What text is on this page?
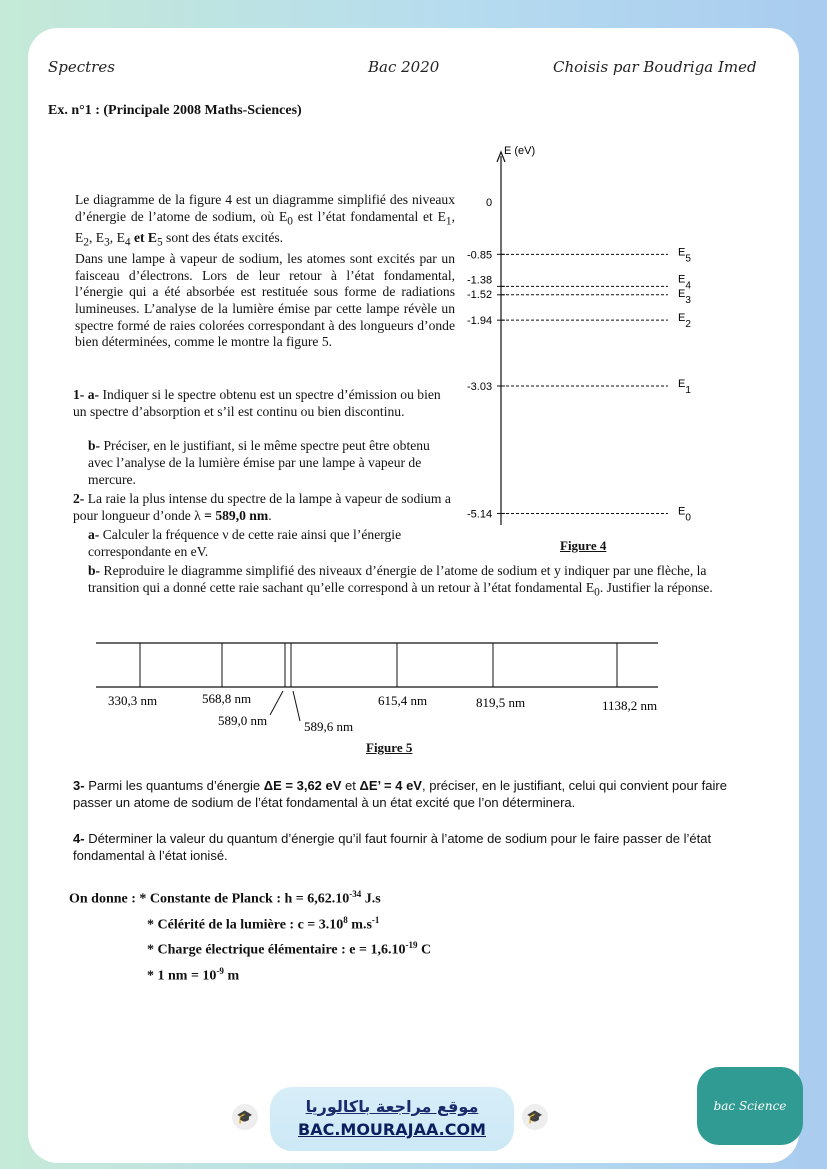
Spectres	Bac 2020	Choisis par Boudriga Imed
Ex. n°1 : (Principale 2008 Maths-Sciences)

Le diagramme de la figure 4 est un diagramme simplifié des niveaux d’énergie de l’atome de sodium, où $E_0$ est l’état fondamental et $E_1$, $E_2$, $E_3$, $E_4$ et $E_5$ sont des états excités.
Dans une lampe à vapeur de sodium, les atomes sont excités par un faisceau d’électrons. Lors de leur retour à l’état fondamental, l’énergie qui a été absorbée est restituée sous forme de radiations lumineuses. L’analyse de la lumière émise par cette lampe révèle un spectre formé de raies colorées correspondant à des longueurs d’onde bien déterminées, comme le montre la figure 5.

1- a- Indiquer si le spectre obtenu est un spectre d’émission ou bien un spectre d’absorption et s’il est continu ou bien discontinu.

b- Préciser, en le justifiant, si le même spectre peut être obtenu avec l’analyse de la lumière émise par une lampe à vapeur de mercure.

2- La raie la plus intense du spectre de la lampe à vapeur de sodium a pour longueur d’onde λ = 589,0 nm.

a- Calculer la fréquence ν de cette raie ainsi que l’énergie correspondante en eV.

b- Reproduire le diagramme simplifié des niveaux d’énergie de l’atome de sodium et y indiquer par une flèche, la transition qui a donné cette raie sachant qu’elle correspond à un retour à l’état fondamental $E_0$. Justifier la réponse.

E (eV)
0
-0.85	E5
-1.38	E4
-1.52	E3
-1.94	E2
-3.03	E1
-5.14	E0
Figure 4
330,3 nm	568,8 nm
589,0 nm	589,6 nm
615,4 nm	819,5 nm	1138,2 nm
Figure 5

3- Parmi les quantums d’énergie ΔE = 3,62 eV et ΔE’ = 4 eV, préciser, en le justifiant, celui qui convient pour faire passer un atome de sodium de l’état fondamental à un état excité que l’on déterminera.

4- Déterminer la valeur du quantum d’énergie qu’il faut fournir à l’atome de sodium pour le faire passer de l’état fondamental à l’état ionisé.

On donne : * Constante de Planck : $h = 6,62.10^{-34}$ J.s
* Célérité de la lumière : $c = 3.10^8$ $m.s^{-1}$
* Charge électrique élémentaire : $e = 1,6.10^{-19}$ C
* 1 nm = $10^{-9}$ m
🎓
موقع مراجعة باكالوريا
BAC.MOURAJAA.COM
🎓
bac Science
